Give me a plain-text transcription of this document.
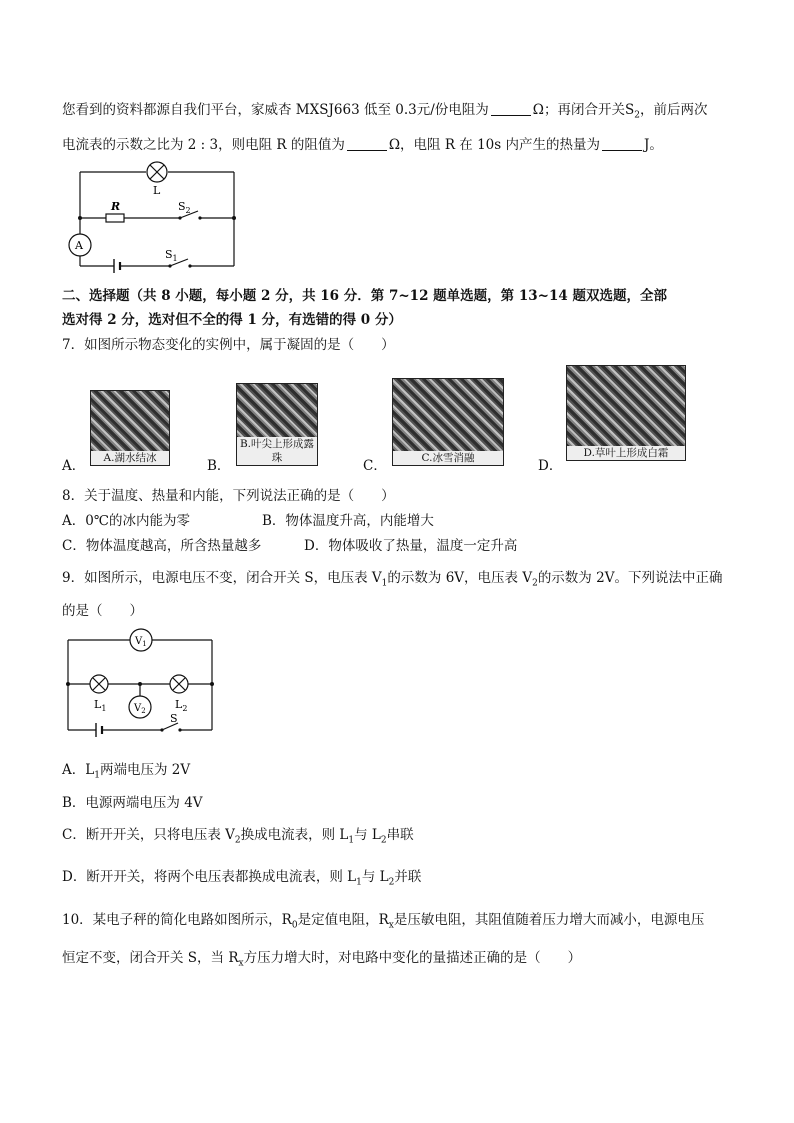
您看到的资料都源自我们平台，家威杏 MXSJ663 低至 0.3元/份电阻为	Ω；再闭合开关$S_2$，前后两次
电流表的示数之比为 2 : 3，则电阻 R 的阻值为	Ω，电阻 R 在 10s 内产生的热量为	J。
L
R	$S_2$
$S_1$
A
二、选择题（共 8 小题，每小题 2 分，共 16 分．第 7~12 题单选题，第 13~14 题双选题，全部
选对得 2 分，选对但不全的得 1 分，有选错的得 0 分）
7．如图所示物态变化的实例中，属于凝固的是（　　）
A．	A.湖水结冰	B．
B.叶尖上形成露珠	C．	C.冰雪消融	D．
D.草叶上形成白霜
8．关于温度、热量和内能，下列说法正确的是（　　）
A．0℃的冰内能为零	B．物体温度升高，内能增大
C．物体温度越高，所含热量越多	D．物体吸收了热量，温度一定升高
9．如图所示，电源电压不变，闭合开关 S，电压表 $V_1$的示数为 6V，电压表 $V_2$的示数为 2V。下列说法中正确
的是（　　）
$V_1$
$V_2$
$L_1$	$L_2$
S
A．$L_1$两端电压为 2V
B．电源两端电压为 4V
C．断开开关，只将电压表 $V_2$换成电流表，则 $L_1$与 $L_2$串联
D．断开开关，将两个电压表都换成电流表，则 $L_1$与 $L_2$并联
10．某电子秤的简化电路如图所示，$R_0$是定值电阻，$R_x$是压敏电阻，其阻值随着压力增大而减小，电源电压
恒定不变，闭合开关 S，当 $R_x$方压力增大时，对电路中变化的量描述正确的是（　　）
